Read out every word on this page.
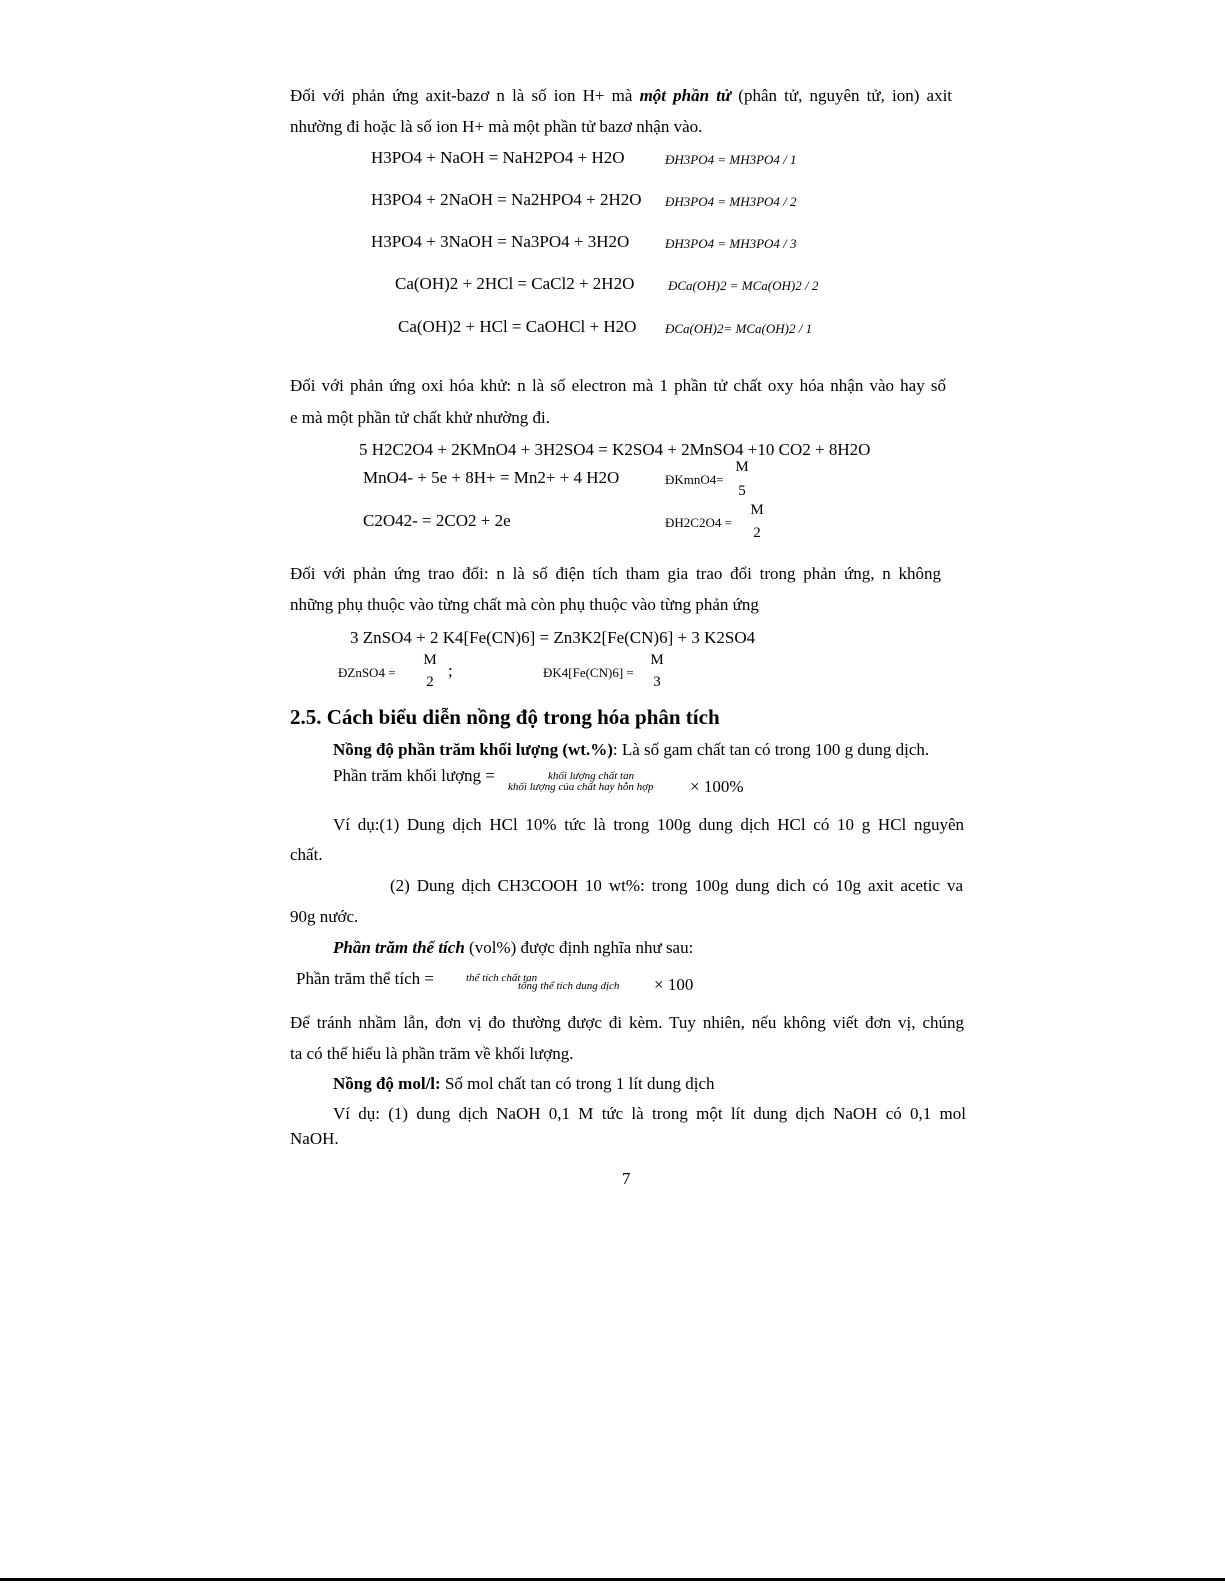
Đối với phản ứng axit-bazơ n là số ion H+ mà một phần tử (phân tử, nguyên tử, ion) axit
nhường đi hoặc là số ion H+ mà một phần tử bazơ nhận vào.
H3PO4 + NaOH = NaH2PO4 + H2O	ĐH3PO4 = MH3PO4 / 1
H3PO4 + 2NaOH = Na2HPO4 + 2H2O ĐH3PO4 = MH3PO4 / 2
H3PO4 + 3NaOH = Na3PO4 + 3H2O	ĐH3PO4 = MH3PO4 / 3
Ca(OH)2 + 2HCl = CaCl2 + 2H2O	ĐCa(OH)2 = MCa(OH)2 / 2
Ca(OH)2 + HCl = CaOHCl + H2O ĐCa(OH)2= MCa(OH)2 / 1
Đối với phản ứng oxi hóa khử: n là số electron mà 1 phần tử chất oxy hóa nhận vào hay số
e mà một phần tử chất khử nhường đi.
5 H2C2O4 + 2KMnO4 + 3H2SO4 = K2SO4 + 2MnSO4 +10 CO2 + 8H2O
MnO4- + 5e + 8H+ = Mn2+ + 4 H2O	ĐKmnO4=
M
5
C2O42- = 2CO2 + 2e	ĐH2C2O4 =
M
2
Đối với phản ứng trao đổi: n là số điện tích tham gia trao đổi trong phản ứng, n không
những phụ thuộc vào từng chất mà còn phụ thuộc vào từng phản ứng
3 ZnSO4 + 2 K4[Fe(CN)6] = Zn3K2[Fe(CN)6] + 3 K2SO4
ĐZnSO4 =
M
2
;	ĐK4[Fe(CN)6] =
M
3
2.5. Cách biểu diễn nồng độ trong hóa phân tích
Nồng độ phần trăm khối lượng (wt.%): Là số gam chất tan có trong 100 g dung dịch.
Phần trăm khối lượng =	khối lượng chất tan
khối lượng của chất hay hỗn hợp × 100%
Ví dụ:(1) Dung dịch HCl 10% tức là trong 100g dung dịch HCl có 10 g HCl nguyên
chất.
(2) Dung dịch CH3COOH 10 wt%: trong 100g dung dich có 10g axit acetic va
90g nước.
Phần trăm thể tích (vol%) được định nghĩa như sau:
Phần trăm thể tích =	thể tích chất tan
tổng thể tích dung dịch × 100
Để tránh nhầm lẫn, đơn vị đo thường được đi kèm. Tuy nhiên, nếu không viết đơn vị, chúng
ta có thể hiểu là phần trăm về khối lượng.
Nồng độ mol/l: Số mol chất tan có trong 1 lít dung dịch
Ví dụ: (1) dung dịch NaOH 0,1 M tức là trong một lít dung dịch NaOH có 0,1 mol
NaOH.
7
